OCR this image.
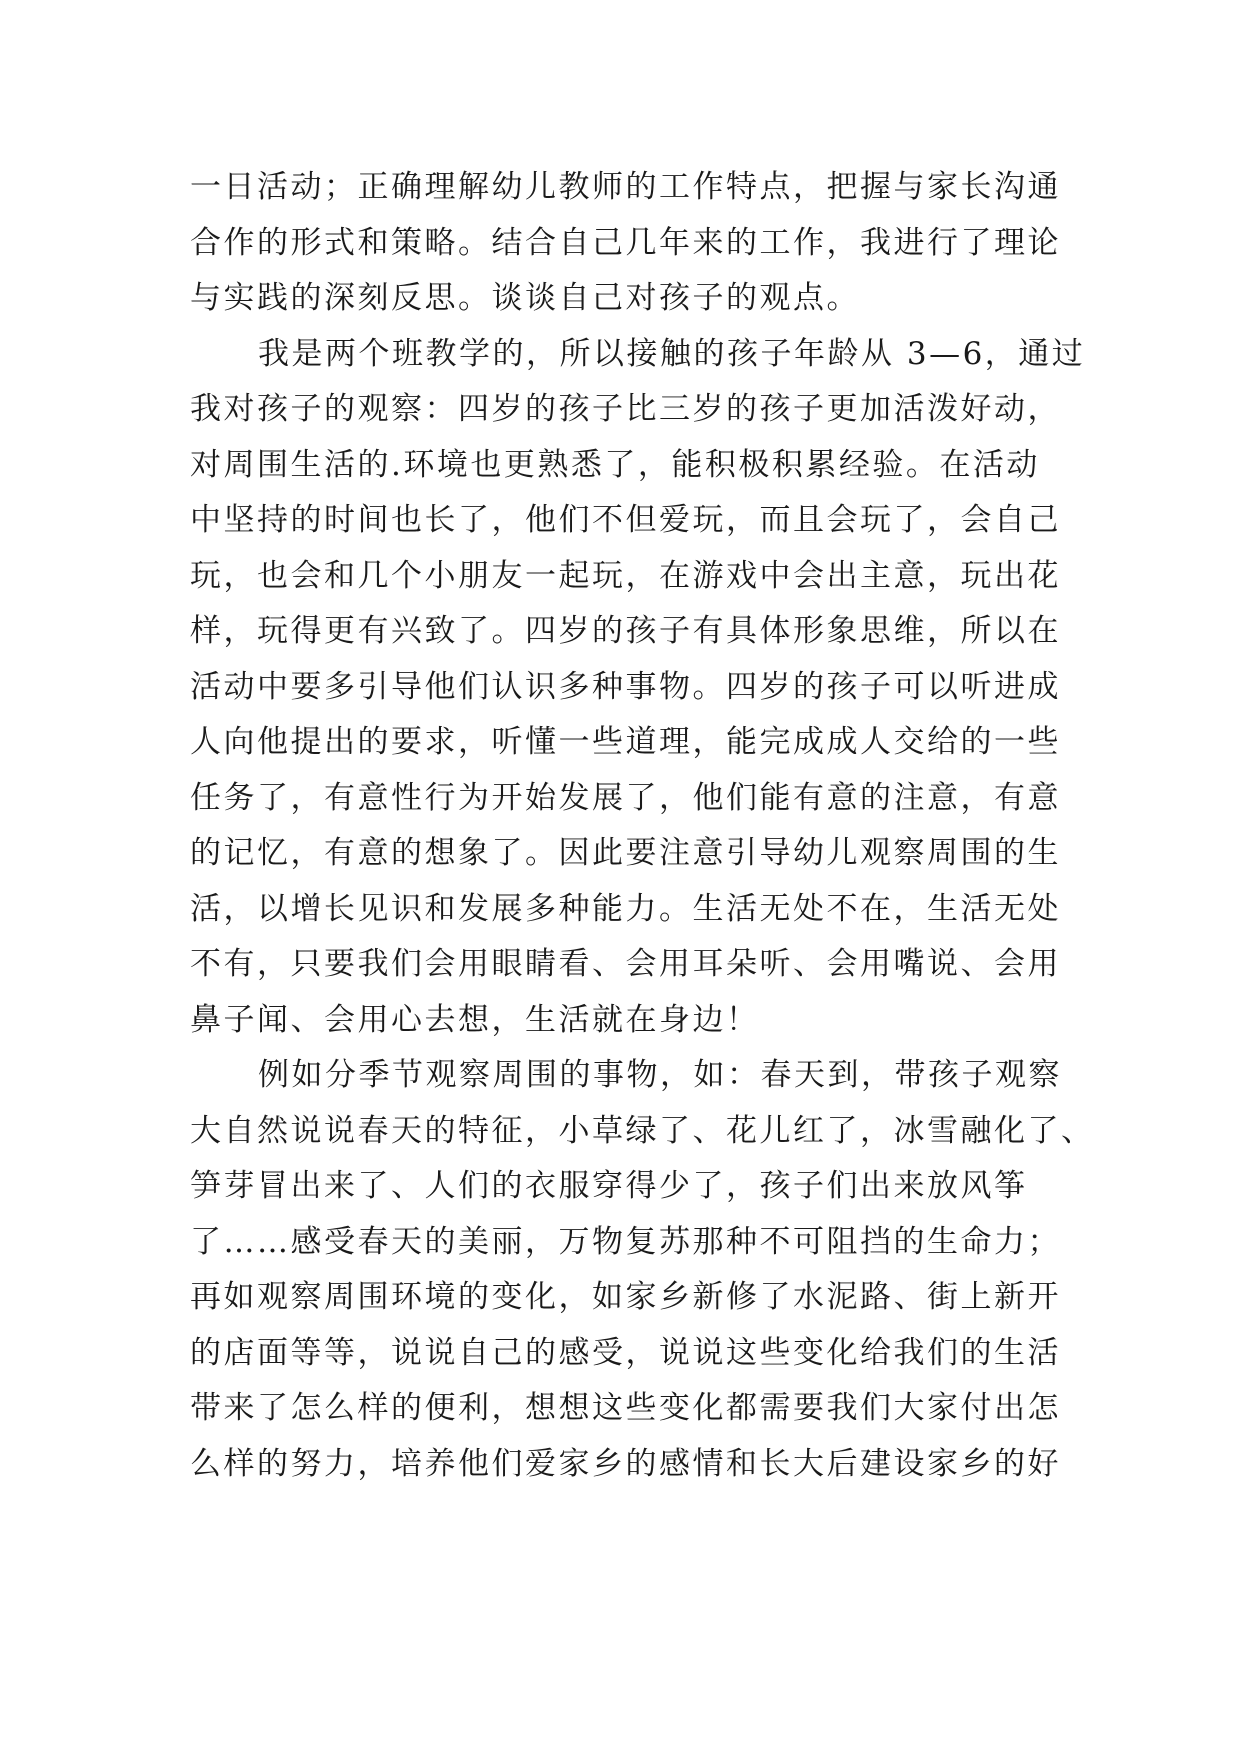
一日活动；正确理解幼儿教师的工作特点，把握与家长沟通
合作的形式和策略。结合自己几年来的工作，我进行了理论
与实践的深刻反思。谈谈自己对孩子的观点。
我是两个班教学的，所以接触的孩子年龄从 3—6，通过
我对孩子的观察：四岁的孩子比三岁的孩子更加活泼好动，
对周围生活的.环境也更熟悉了，能积极积累经验。在活动
中坚持的时间也长了，他们不但爱玩，而且会玩了，会自己
玩，也会和几个小朋友一起玩，在游戏中会出主意，玩出花
样，玩得更有兴致了。四岁的孩子有具体形象思维，所以在
活动中要多引导他们认识多种事物。四岁的孩子可以听进成
人向他提出的要求，听懂一些道理，能完成成人交给的一些
任务了，有意性行为开始发展了，他们能有意的注意，有意
的记忆，有意的想象了。因此要注意引导幼儿观察周围的生
活，以增长见识和发展多种能力。生活无处不在，生活无处
不有，只要我们会用眼睛看、会用耳朵听、会用嘴说、会用
鼻子闻、会用心去想，生活就在身边！
例如分季节观察周围的事物，如：春天到，带孩子观察
大自然说说春天的特征，小草绿了、花儿红了，冰雪融化了、
笋芽冒出来了、人们的衣服穿得少了，孩子们出来放风筝
了……感受春天的美丽，万物复苏那种不可阻挡的生命力；
再如观察周围环境的变化，如家乡新修了水泥路、街上新开
的店面等等，说说自己的感受，说说这些变化给我们的生活
带来了怎么样的便利，想想这些变化都需要我们大家付出怎
么样的努力，培养他们爱家乡的感情和长大后建设家乡的好
